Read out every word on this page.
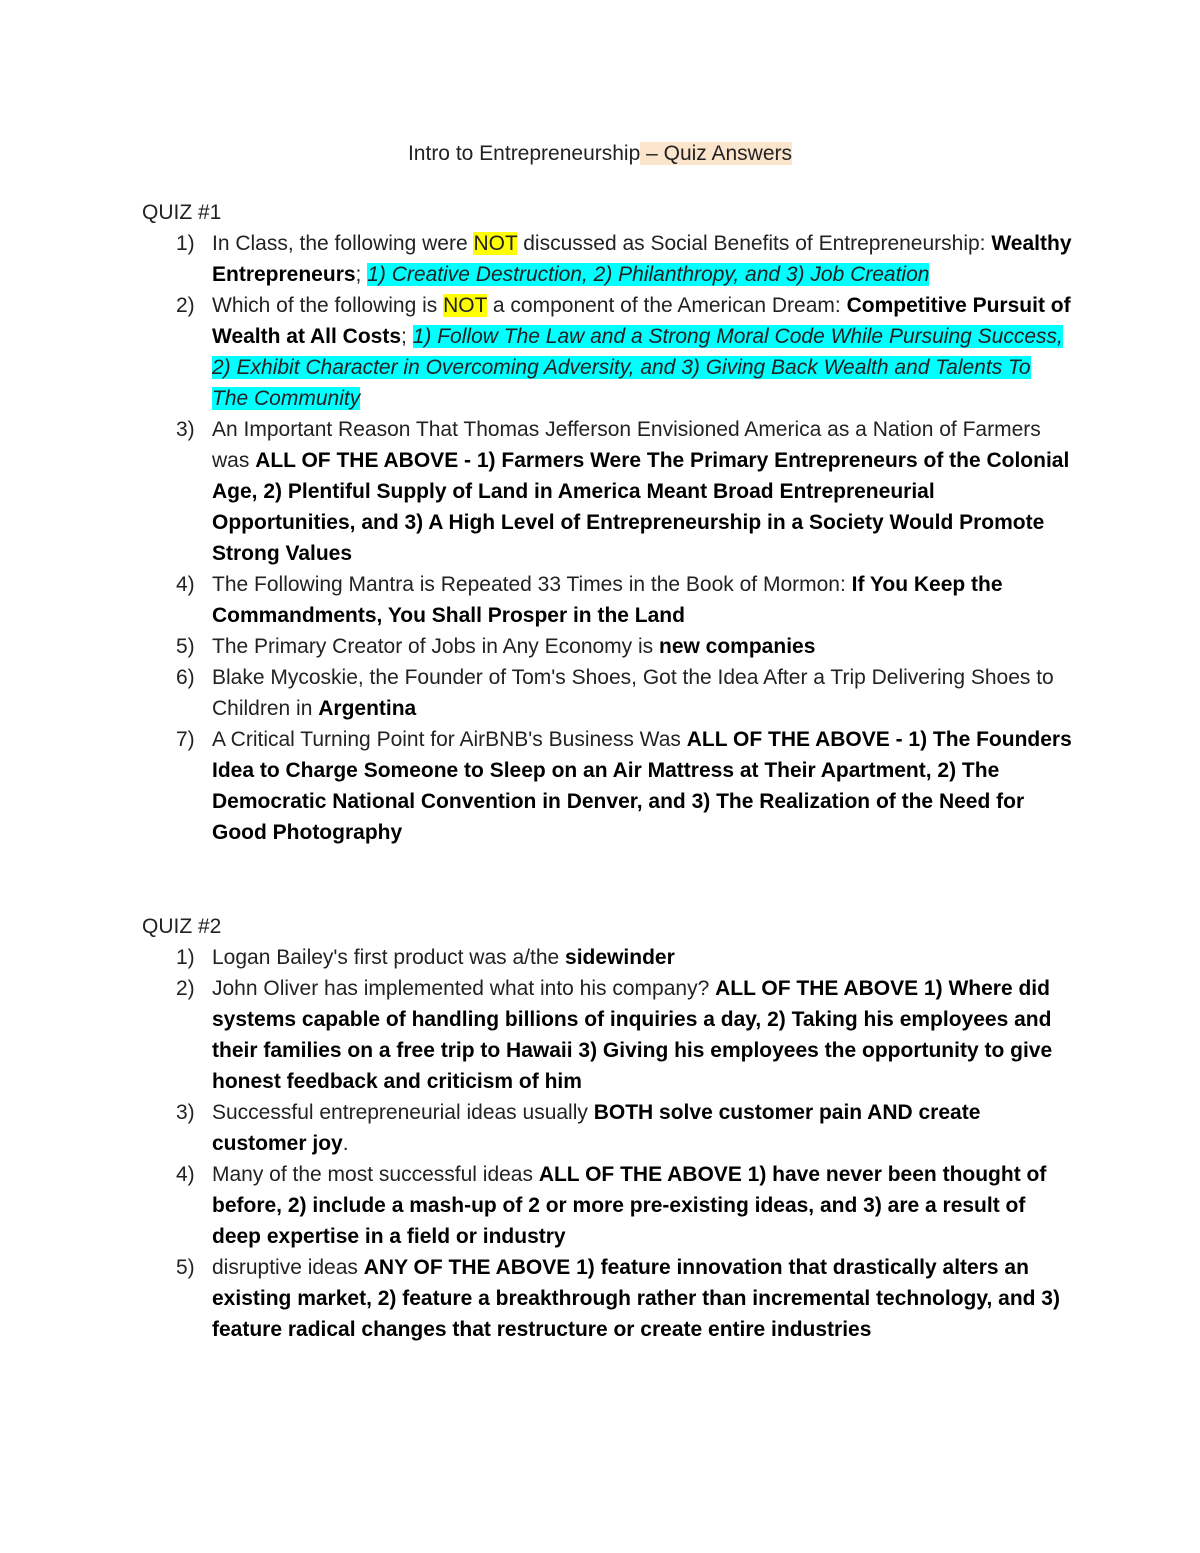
Intro to Entrepreneurship – Quiz Answers
QUIZ #1
1) In Class, the following were NOT discussed as Social Benefits of Entrepreneurship: Wealthy Entrepreneurs; 1) Creative Destruction, 2) Philanthropy, and 3) Job Creation
2) Which of the following is NOT a component of the American Dream: Competitive Pursuit of Wealth at All Costs; 1) Follow The Law and a Strong Moral Code While Pursuing Success, 2) Exhibit Character in Overcoming Adversity, and 3) Giving Back Wealth and Talents To The Community
3) An Important Reason That Thomas Jefferson Envisioned America as a Nation of Farmers was ALL OF THE ABOVE - 1) Farmers Were The Primary Entrepreneurs of the Colonial Age, 2) Plentiful Supply of Land in America Meant Broad Entrepreneurial Opportunities, and 3) A High Level of Entrepreneurship in a Society Would Promote Strong Values
4) The Following Mantra is Repeated 33 Times in the Book of Mormon: If You Keep the Commandments, You Shall Prosper in the Land
5) The Primary Creator of Jobs in Any Economy is new companies
6) Blake Mycoskie, the Founder of Tom's Shoes, Got the Idea After a Trip Delivering Shoes to Children in Argentina
7) A Critical Turning Point for AirBNB's Business Was ALL OF THE ABOVE - 1) The Founders Idea to Charge Someone to Sleep on an Air Mattress at Their Apartment, 2) The Democratic National Convention in Denver, and 3) The Realization of the Need for Good Photography
QUIZ #2
1) Logan Bailey's first product was a/the sidewinder
2) John Oliver has implemented what into his company? ALL OF THE ABOVE 1) Where did systems capable of handling billions of inquiries a day, 2) Taking his employees and their families on a free trip to Hawaii 3) Giving his employees the opportunity to give honest feedback and criticism of him
3) Successful entrepreneurial ideas usually BOTH solve customer pain AND create customer joy.
4) Many of the most successful ideas ALL OF THE ABOVE 1) have never been thought of before, 2) include a mash-up of 2 or more pre-existing ideas, and 3) are a result of deep expertise in a field or industry
5) disruptive ideas ANY OF THE ABOVE 1) feature innovation that drastically alters an existing market, 2) feature a breakthrough rather than incremental technology, and 3) feature radical changes that restructure or create entire industries
